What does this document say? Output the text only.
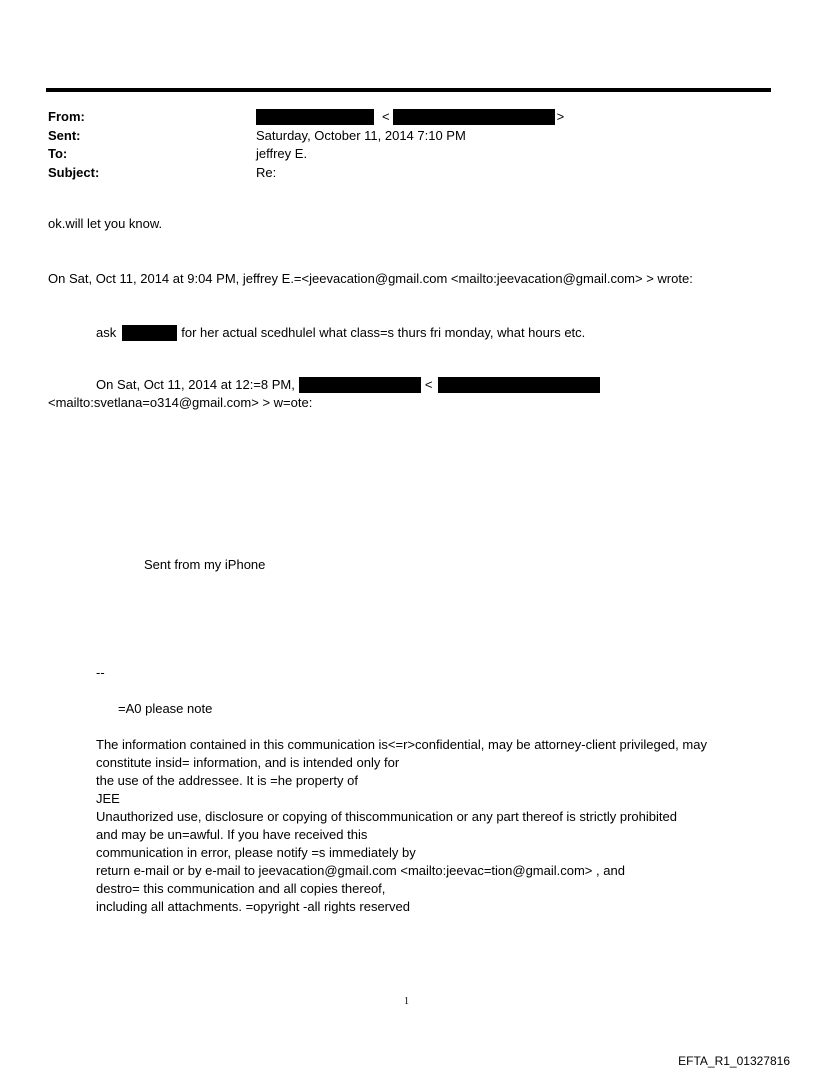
From:	<	>
Sent:	Saturday, October 11, 2014 7:10 PM
To:	jeffrey E.
Subject:	Re:
ok.will let you know.
On Sat, Oct 11, 2014 at 9:04 PM, jeffrey E.=<jeevacation@gmail.com <mailto:jeevacation@gmail.com> > wrote:
ask	for her actual scedhulel what class=s thurs fri monday, what hours etc.
On Sat, Oct 11, 2014 at 12:=8 PM,	<
<mailto:svetlana=o314@gmail.com> > w=ote:
Sent from my iPhone
--
=A0 please note
The information contained in this communication is<=r>confidential, may be attorney-client privileged, may
constitute insid= information, and is intended only for
the use of the addressee. It is =he property of
JEE
Unauthorized use, disclosure or copying of thiscommunication or any part thereof is strictly prohibited
and may be un=awful. If you have received this
communication in error, please notify =s immediately by
return e-mail or by e-mail to jeevacation@gmail.com <mailto:jeevac=tion@gmail.com> , and
destro= this communication and all copies thereof,
including all attachments. =opyright -all rights reserved
1
EFTA_R1_01327816
